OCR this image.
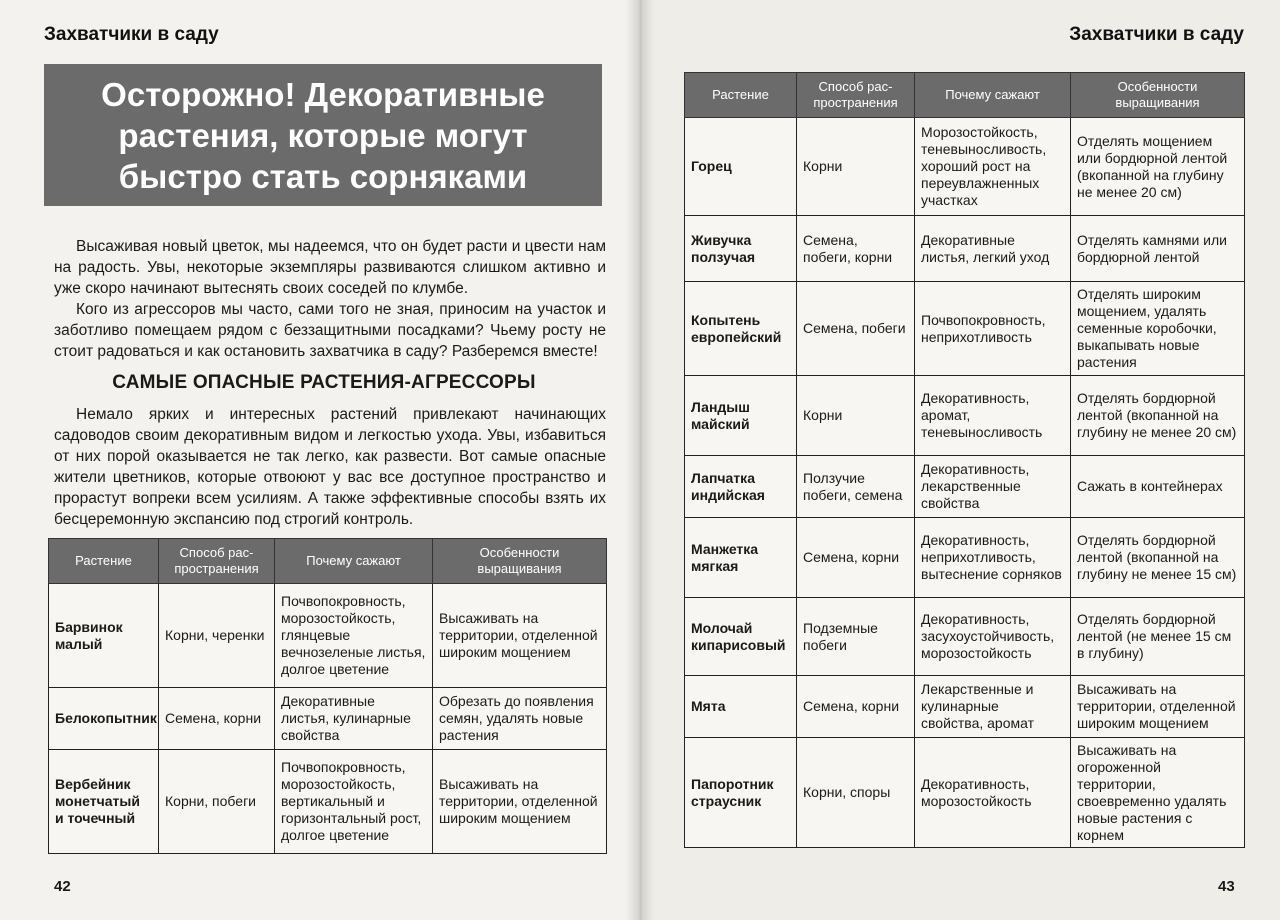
Захватчики в саду
Осторожно! Декоративные растения, которые могут быстро стать сорняками

Высаживая новый цветок, мы надеемся, что он будет расти и цвести нам на радость. Увы, некоторые экземпляры развиваются слишком активно и уже скоро начинают вытеснять своих соседей по клумбе.

Кого из агрессоров мы часто, сами того не зная, приносим на участок и заботливо помещаем рядом с беззащитными посадками? Чьему росту не стоит радоваться и как остановить захватчика в саду? Разберемся вместе!

САМЫЕ ОПАСНЫЕ РАСТЕНИЯ-АГРЕССОРЫ

Немало ярких и интересных растений привлекают начинающих садоводов своим декоративным видом и легкостью ухода. Увы, избавиться от них порой оказывается не так легко, как развести. Вот самые опасные жители цветников, которые отвоюют у вас все доступное пространство и прорастут вопреки всем усилиям. А также эффективные способы взять их бесцеремонную экспансию под строгий контроль.

Растение	Способ рас-пространения	Почему сажают	Особенности выращивания
Барвинок малый	Корни, черенки	Почвопокровность, морозостойкость, глянцевые вечнозеленые листья, долгое цветение	Высаживать на территории, отделенной широким мощением
Белокопытник	Семена, корни	Декоративные листья, кулинарные свойства	Обрезать до появления семян, удалять новые растения
Вербейник монетчатый и точечный	Корни, побеги	Почвопокровность, морозостойкость, вертикальный и горизонтальный рост, долгое цветение	Высаживать на территории, отделенной широким мощением
42
Захватчики в саду
43
Растение	Способ рас-пространения	Почему сажают	Особенности выращивания
Горец	Корни	Морозостойкость, теневыносливость, хороший рост на переувлажненных участках	Отделять мощением или бордюрной лентой (вкопанной на глубину не менее 20 см)
Живучка ползучая	Семена, побеги, корни	Декоративные листья, легкий уход	Отделять камнями или бордюрной лентой
Копытень европейский	Семена, побеги	Почвопокровность, неприхотливость	Отделять широким мощением, удалять семенные коробочки, выкапывать новые растения
Ландыш майский	Корни	Декоративность, аромат, теневыносливость	Отделять бордюрной лентой (вкопанной на глубину не менее 20 см)
Лапчатка индийская	Ползучие побеги, семена	Декоративность, лекарственные свойства	Сажать в контейнерах
Манжетка мягкая	Семена, корни	Декоративность, неприхотливость, вытеснение сорняков	Отделять бордюрной лентой (вкопанной на глубину не менее 15 см)
Молочай кипарисовый	Подземные побеги	Декоративность, засухоустойчивость, морозостойкость	Отделять бордюрной лентой (не менее 15 см в глубину)
Мята	Семена, корни	Лекарственные и кулинарные свойства, аромат	Высаживать на территории, отделенной широким мощением
Папоротник страусник	Корни, споры	Декоративность, морозостойкость	Высаживать на огороженной территории, своевременно удалять новые растения с корнем
